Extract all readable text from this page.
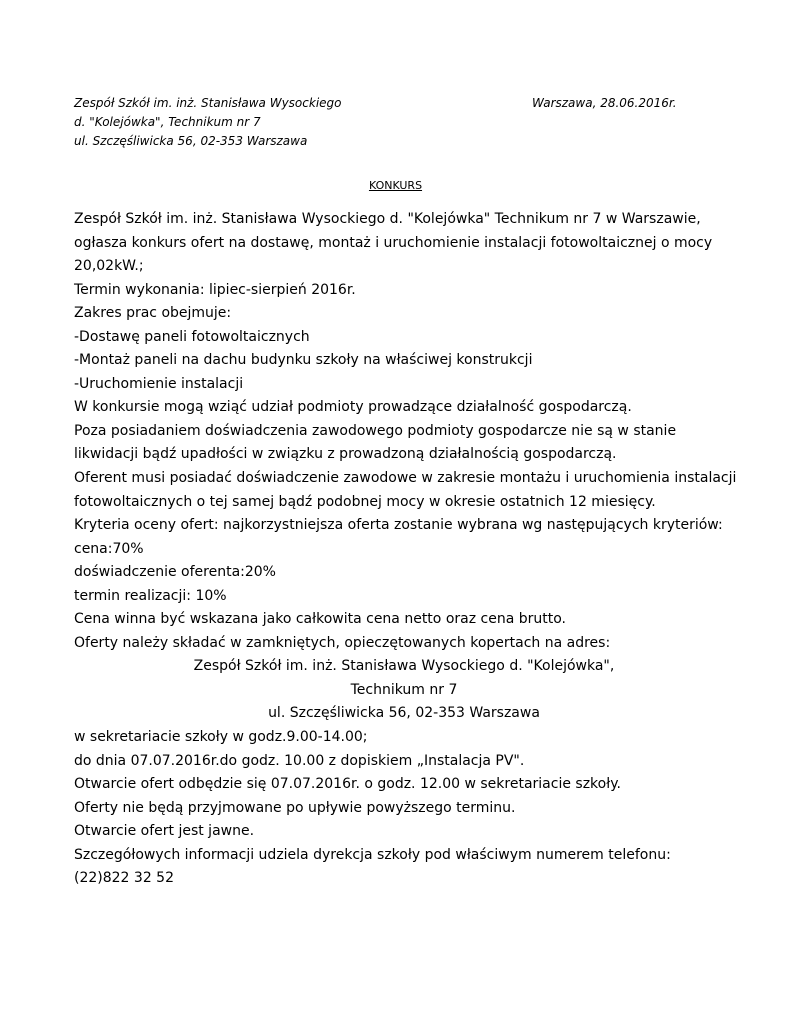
Zespół Szkół im. inż. Stanisława Wysockiego
d. "Kolejówka", Technikum nr 7
ul. Szczęśliwicka 56, 02-353 Warszawa
Warszawa, 28.06.2016r.
KONKURS
Zespół Szkół im. inż. Stanisława Wysockiego d. "Kolejówka" Technikum nr 7 w Warszawie,
ogłasza konkurs ofert na dostawę, montaż i uruchomienie instalacji fotowoltaicznej o mocy
20,02kW.;
Termin wykonania: lipiec-sierpień 2016r.
Zakres prac obejmuje:
-Dostawę paneli fotowoltaicznych
-Montaż paneli na dachu budynku szkoły na właściwej konstrukcji
-Uruchomienie instalacji
W konkursie mogą wziąć udział podmioty prowadzące działalność gospodarczą.
Poza posiadaniem doświadczenia zawodowego podmioty gospodarcze nie są w stanie
likwidacji bądź upadłości w związku z prowadzoną działalnością gospodarczą.
Oferent musi posiadać doświadczenie zawodowe w zakresie montażu i uruchomienia instalacji
fotowoltaicznych o tej samej bądź podobnej mocy w okresie ostatnich 12 miesięcy.
Kryteria oceny ofert: najkorzystniejsza oferta zostanie wybrana wg następujących kryteriów:
cena:70%
doświadczenie oferenta:20%
termin realizacji: 10%
Cena winna być wskazana jako całkowita cena netto oraz cena brutto.
Oferty należy składać w zamkniętych, opieczętowanych kopertach na adres:
Zespół Szkół im. inż. Stanisława Wysockiego d. "Kolejówka",
Technikum nr 7
ul. Szczęśliwicka 56, 02-353 Warszawa
w sekretariacie szkoły w godz.9.00-14.00;
do dnia 07.07.2016r.do godz. 10.00 z dopiskiem „Instalacja PV".
Otwarcie ofert odbędzie się 07.07.2016r. o godz. 12.00 w sekretariacie szkoły.
Oferty nie będą przyjmowane po upływie powyższego terminu.
Otwarcie ofert jest jawne.
Szczegółowych informacji udziela dyrekcja szkoły pod właściwym numerem telefonu:
(22)822 32 52
